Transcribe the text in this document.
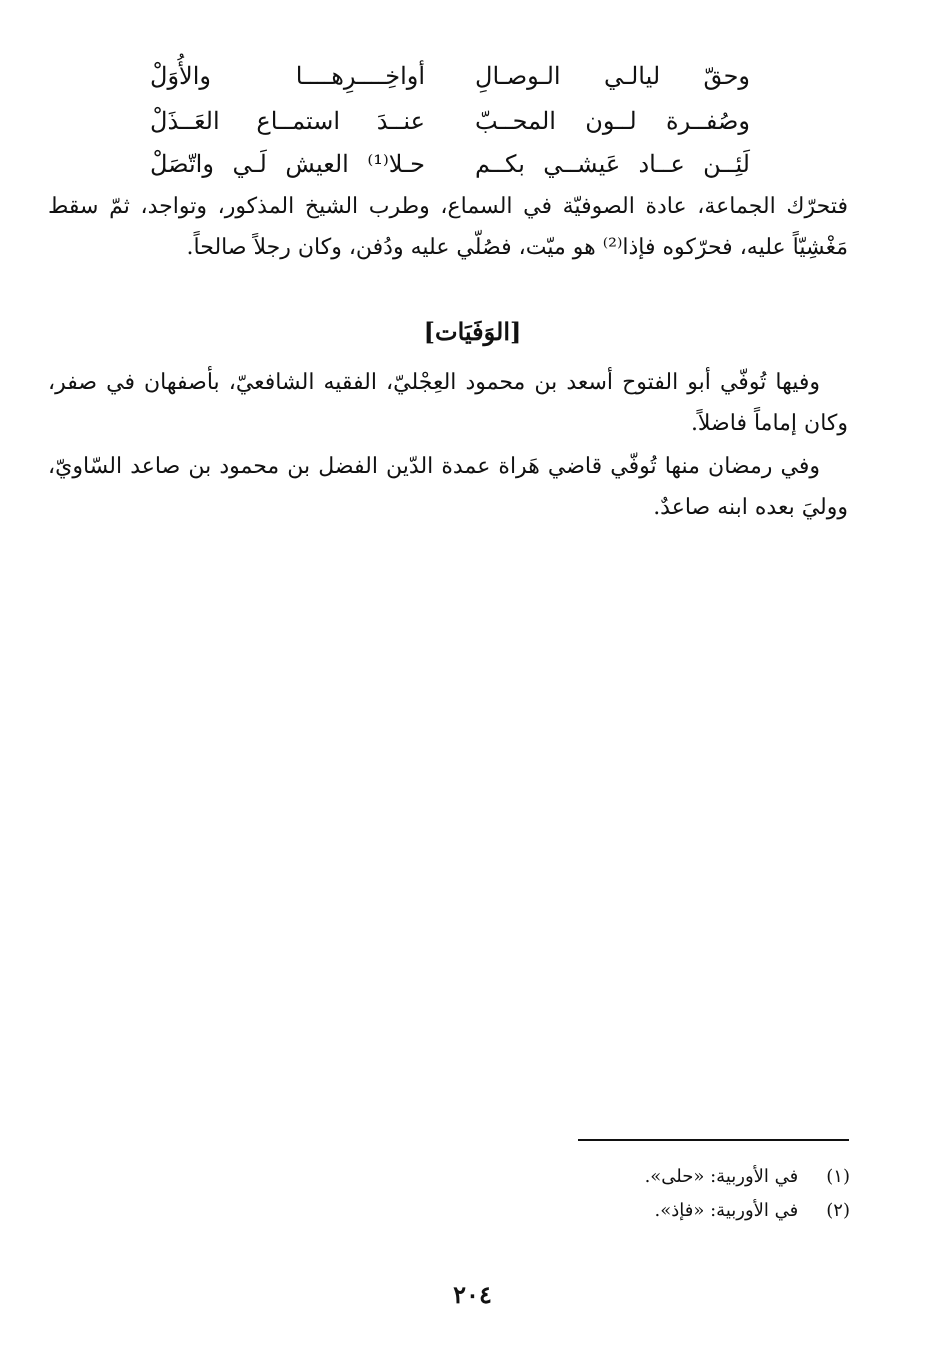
وحقّ ليالـي الـوصـالِ
أواخِــــرِهــــا والأُوَلْ
وصُفــرة لــون المحــبّ
عنــدَ استمــاع العَــذَلْ
لَئِــن عــاد عَيشــي بكــم
حـلا⁽¹⁾ العيش لَـي واتّصَلْ

فتحرّك الجماعة، عادة الصوفيّة في السماع، وطرب الشيخ المذكور، وتواجد، ثمّ سقط مَغْشِيّاً عليه، فحرّكوه فإذا⁽²⁾ هو ميّت، فصُلّي عليه ودُفن، وكان رجلاً صالحاً.

[الوَفَيَات]

وفيها تُوفّي أبو الفتوح أسعد بن محمود العِجْليّ، الفقيه الشافعيّ، بأصفهان في صفر، وكان إماماً فاضلاً.

وفي رمضان منها تُوفّي قاضي هَراة عمدة الدّين الفضل بن محمود بن صاعد السّاويّ، ووليَ بعده ابنه صاعدٌ.

(١) في الأوربية: «حلى».
(٢) في الأوربية: «فإذ».
٢٠٤
